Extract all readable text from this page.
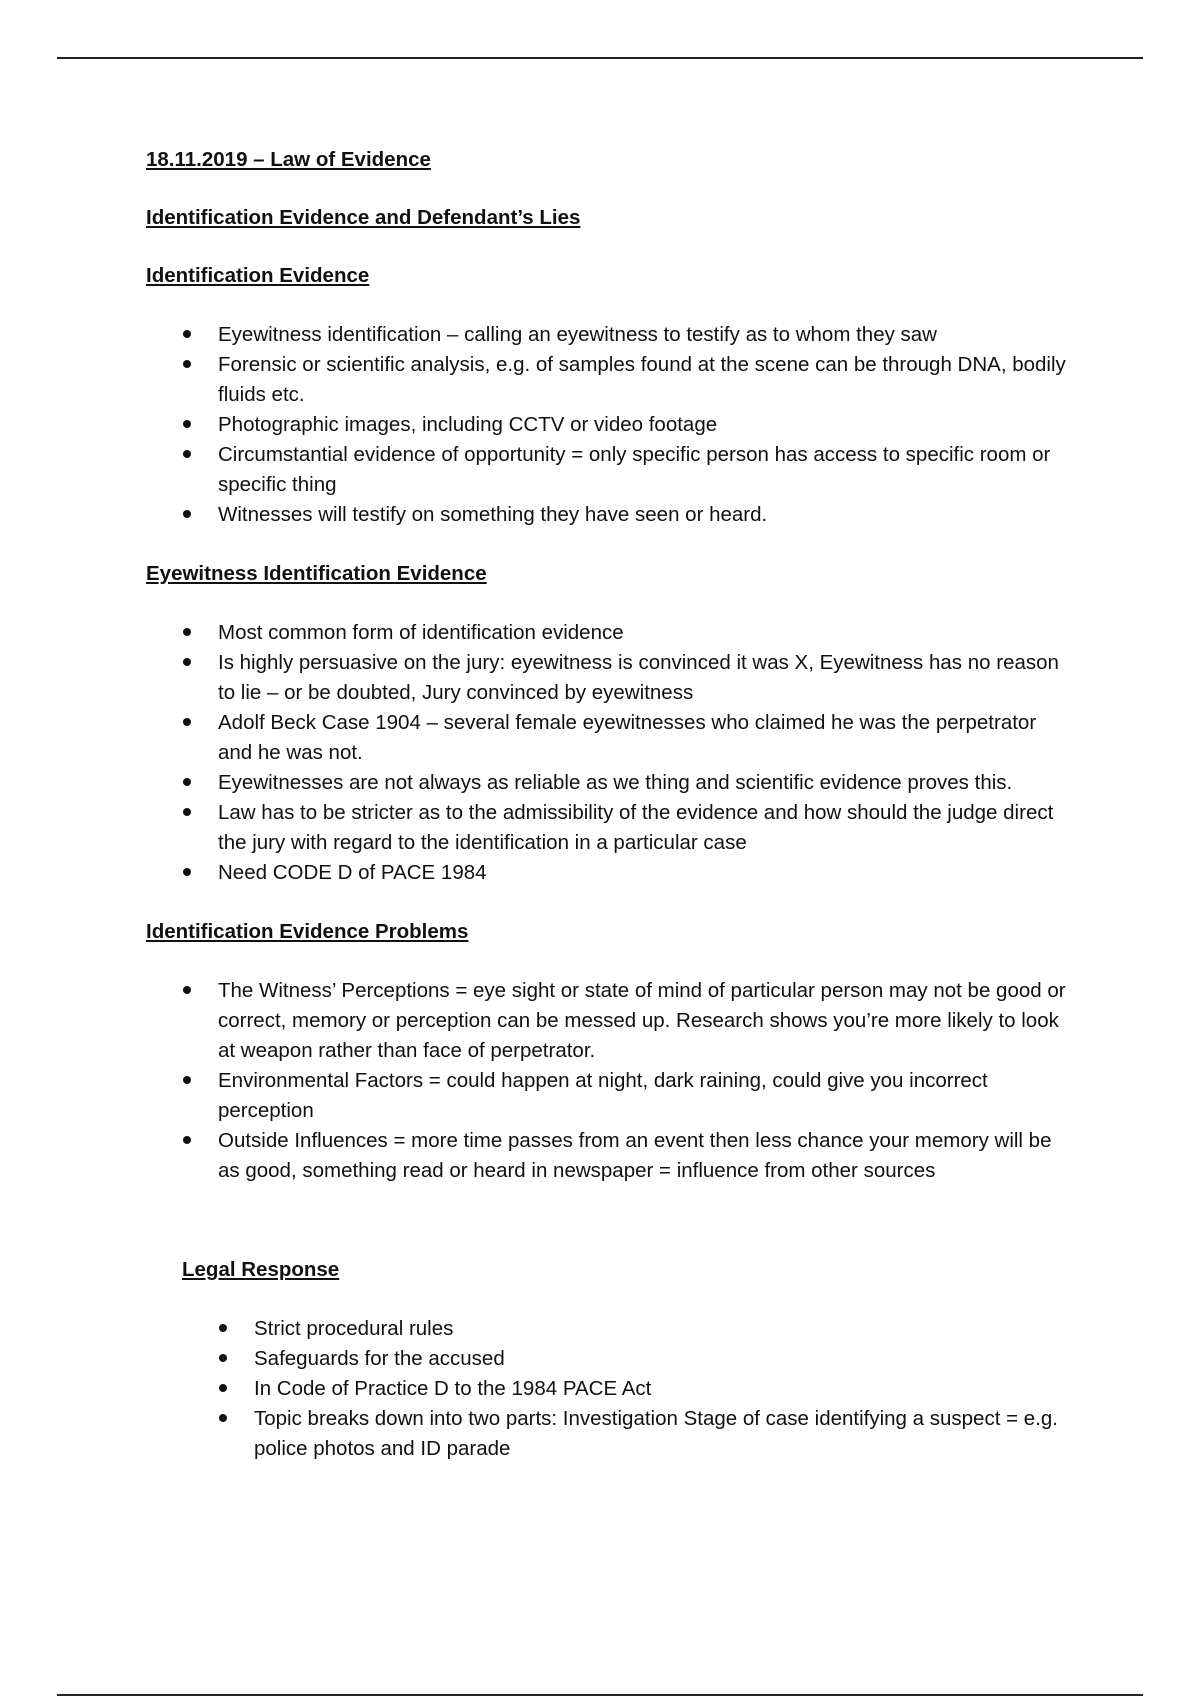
18.11.2019 – Law of Evidence

Identification Evidence and Defendant’s Lies

Identification Evidence

Eyewitness identification – calling an eyewitness to testify as to whom they saw
Forensic or scientific analysis, e.g. of samples found at the scene can be through DNA, bodily fluids etc.
Photographic images, including CCTV or video footage
Circumstantial evidence of opportunity = only specific person has access to specific room or specific thing
Witnesses will testify on something they have seen or heard.

Eyewitness Identification Evidence

Most common form of identification evidence
Is highly persuasive on the jury: eyewitness is convinced it was X, Eyewitness has no reason to lie – or be doubted, Jury convinced by eyewitness
Adolf Beck Case 1904 – several female eyewitnesses who claimed he was the perpetrator and he was not.
Eyewitnesses are not always as reliable as we thing and scientific evidence proves this.
Law has to be stricter as to the admissibility of the evidence and how should the judge direct the jury with regard to the identification in a particular case
Need CODE D of PACE 1984

Identification Evidence Problems

The Witness’ Perceptions = eye sight or state of mind of particular person may not be good or correct, memory or perception can be messed up. Research shows you’re more likely to look at weapon rather than face of perpetrator.
Environmental Factors = could happen at night, dark raining, could give you incorrect perception
Outside Influences = more time passes from an event then less chance your memory will be as good, something read or heard in newspaper = influence from other sources

Legal Response

Strict procedural rules
Safeguards for the accused
In Code of Practice D to the 1984 PACE Act
Topic breaks down into two parts: Investigation Stage of case identifying a suspect = e.g. police photos and ID parade
